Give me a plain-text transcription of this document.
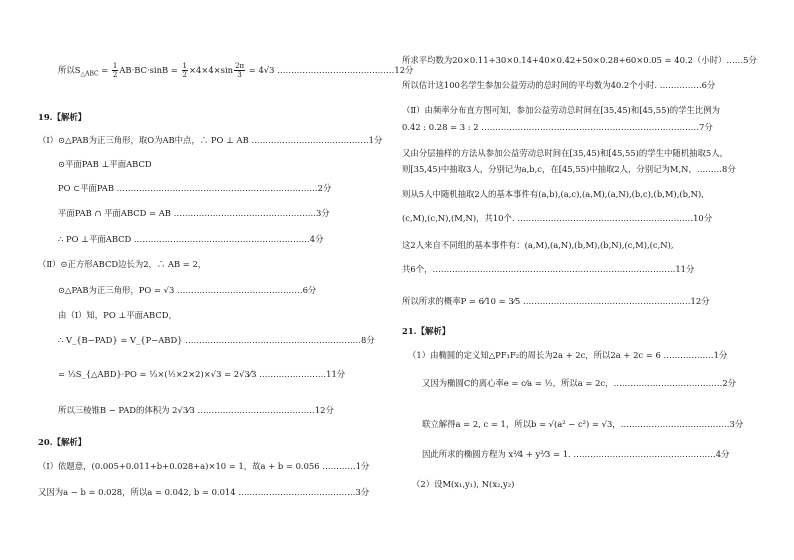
所以$S_{\triangle ABC} = \frac{1}{2} AB\cdot BC\cdot\sin B = \frac{1}{2} \times 4\times 4\times\sin \frac{2\pi}{3} = 4√3$ ……………………………………12分
19.【解析】
（Ⅰ）⊙△PAB为正三角形，取O为AB中点，∴ PO ⊥ AB ……………………………………1分
⊙平面PAB ⊥平面ABCD
PO ⊂平面PAB ………………………………………………………………2分
平面PAB ∩ 平面ABCD = AB ……………………………………………3分
∴ PO ⊥平面ABCD ………………………………………………………4分
（Ⅱ）⊙正方形ABCD边长为2，∴ AB = 2，
⊙△PAB为正三角形，PO = √3 ………………………………………6分
由（Ⅰ）知，PO ⊥平面ABCD，
∴ V_{B−PAD} = V_{P−ABD} ………………………………………………………8分
= ⅓S_{△ABD}·PO = ⅓×(½×2×2)×√3 = 2√3⁄3 ……………………11分
所以三棱锥B − PAD的体积为 2√3⁄3 ……………………………………12分
20.【解析】
（Ⅰ）依题意，(0.005+0.011+b+0.028+a)×10 = 1，故a + b = 0.056 …………1分
又因为a − b = 0.028，所以a = 0.042, b = 0.014 ……………………………………3分
所求平均数为20×0.11+30×0.14+40×0.42+50×0.28+60×0.05 = 40.2（小时）……5分
所以估计这100名学生参加公益劳动的总时间的平均数为40.2个小时. ……………6分
（Ⅱ）由频率分布直方图可知，参加公益劳动总时间在[35,45)和[45,55)的学生比例为
0.42 : 0.28 = 3 : 2 ……………………………………………………………………7分
又由分层抽样的方法从参加公益劳动总时间在[35,45)和[45,55)的学生中随机抽取5人，
则[35,45)中抽取3人，分别记为a,b,c，在[45,55)中抽取2人，分别记为M,N，………8分
则从5人中随机抽取2人的基本事件有(a,b),(a,c),(a,M),(a,N),(b,c),(b,M),(b,N),
(c,M),(c,N),(M,N)，共10个. ………………………………………………………10分
这2人来自不同组的基本事件有：(a,M),(a,N),(b,M),(b,N),(c,M),(c,N),
共6个，……………………………………………………………………………11分
所以所求的概率P = 6⁄10 = 3⁄5 ……………………………………………………12分
21.【解析】
（1）由椭圆的定义知△PF₁F₂的周长为2a + 2c，所以2a + 2c = 6 ………………1分
又因为椭圆C的离心率e = c⁄a = ½，所以a = 2c，…………………………………2分
联立解得a = 2, c = 1，所以b = √(a² − c²) = √3，…………………………………3分
因此所求的椭圆方程为 x²⁄4 + y²⁄3 = 1. ……………………………………………4分
（2）设M(x₁,y₁), N(x₂,y₂)
